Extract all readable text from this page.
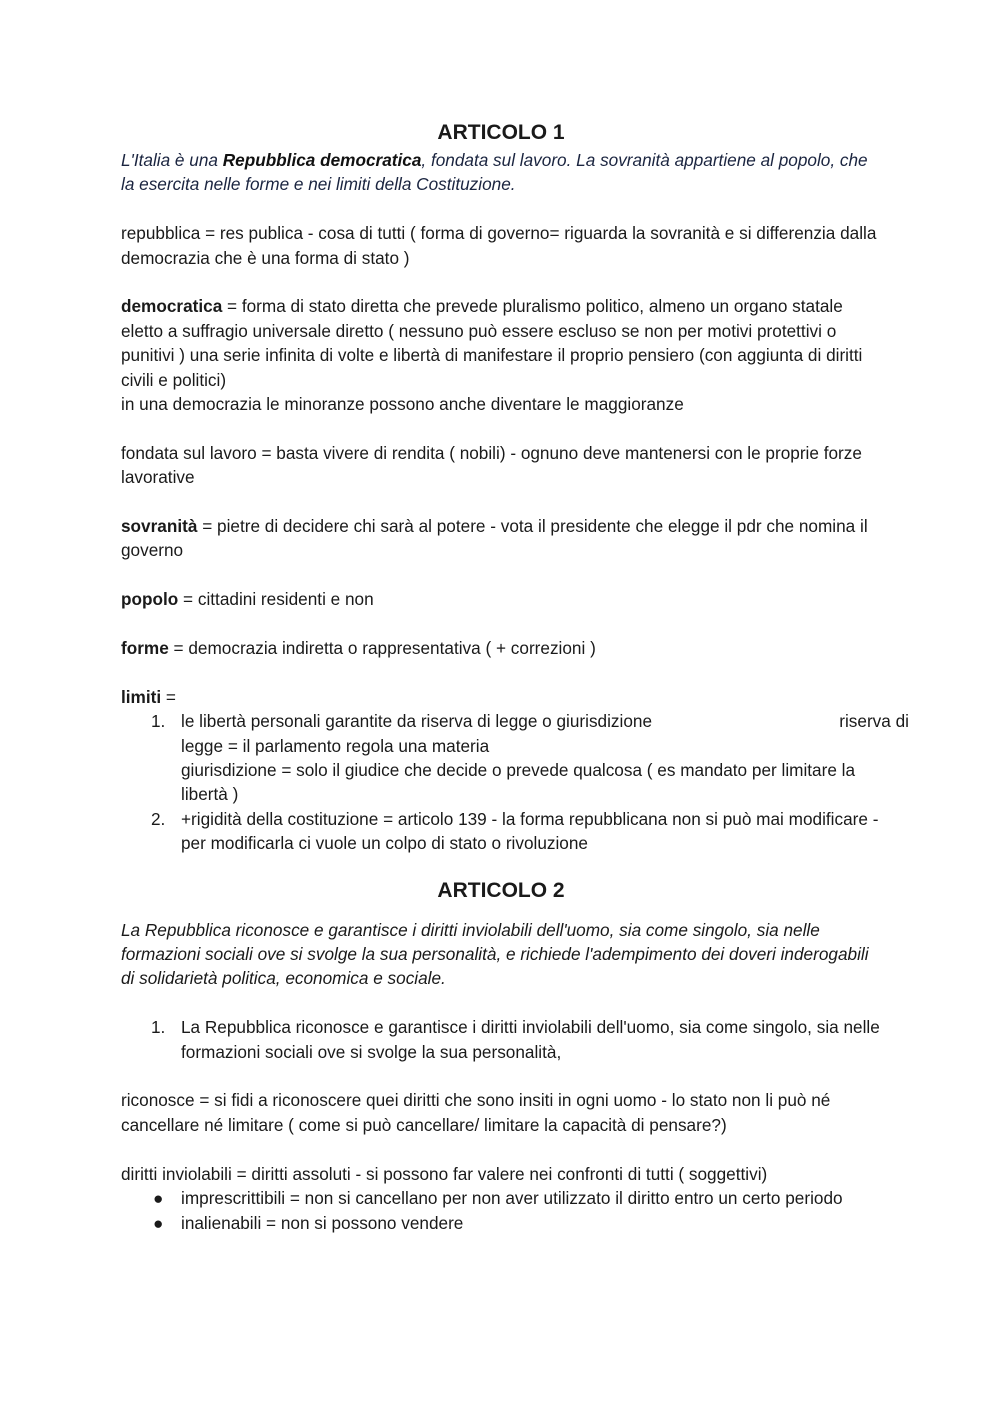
ARTICOLO 1

L'Italia è una Repubblica democratica, fondata sul lavoro. La sovranità appartiene al popolo, che la esercita nelle forme e nei limiti della Costituzione.

repubblica = res publica - cosa di tutti ( forma di governo= riguarda la sovranità e si differenzia dalla democrazia che è una forma di stato )

democratica = forma di stato diretta che prevede pluralismo politico, almeno un organo statale eletto a suffragio universale diretto ( nessuno può essere escluso se non per motivi protettivi o punitivi ) una serie infinita di volte e libertà di manifestare il proprio pensiero (con aggiunta di diritti civili e politici)

in una democrazia le minoranze possono anche diventare le maggioranze

fondata sul lavoro = basta vivere di rendita ( nobili) - ognuno deve mantenersi con le proprie forze lavorative

sovranità = pietre di decidere chi sarà al potere - vota il presidente che elegge il pdr che nomina il governo

popolo = cittadini residenti e non

forme = democrazia indiretta o rappresentativa ( + correzioni )

limiti =

1. le libertà personali garantite da riserva di legge o giurisdizione	riserva di
legge = il parlamento regola una materia
giurisdizione = solo il giudice che decide o prevede qualcosa ( es mandato per limitare la libertà )
2. +rigidità della costituzione = articolo 139 - la forma repubblicana non si può mai modificare - per modificarla ci vuole un colpo di stato o rivoluzione
ARTICOLO 2

La Repubblica riconosce e garantisce i diritti inviolabili dell'uomo, sia come singolo, sia nelle formazioni sociali ove si svolge la sua personalità, e richiede l'adempimento dei doveri inderogabili di solidarietà politica, economica e sociale.

1. La Repubblica riconosce e garantisce i diritti inviolabili dell'uomo, sia come singolo, sia nelle formazioni sociali ove si svolge la sua personalità,

riconosce = si fidi a riconoscere quei diritti che sono insiti in ogni uomo - lo stato non li può né cancellare né limitare ( come si può cancellare/ limitare la capacità di pensare?)

diritti inviolabili = diritti assoluti - si possono far valere nei confronti di tutti ( soggettivi)

● imprescrittibili = non si cancellano per non aver utilizzato il diritto entro un certo periodo
● inalienabili = non si possono vendere
